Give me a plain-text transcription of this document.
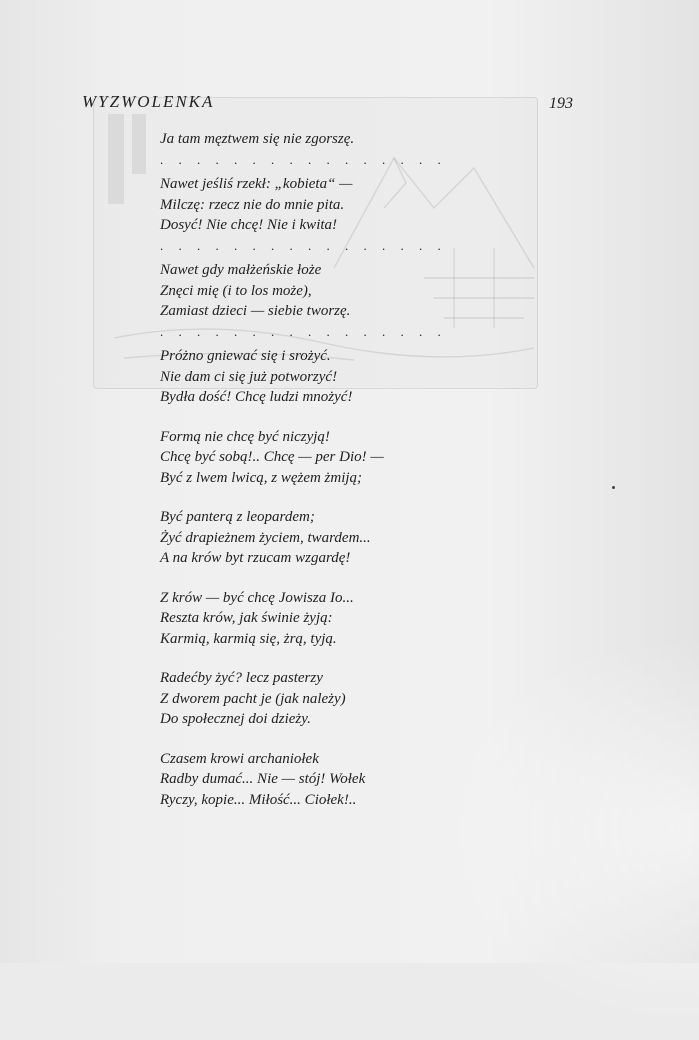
WYZWOLENKA	193
Ja tam męztwem się nie zgorszę.
. . . . . . . . . . . . . . . .
Nawet jeśliś rzekł: „kobieta“ —
Milczę: rzecz nie do mnie pita.
Dosyć! Nie chcę! Nie i kwita!
. . . . . . . . . . . . . . . .
Nawet gdy małżeńskie łoże
Znęci mię (i to los może),
Zamiast dzieci — siebie tworzę.
. . . . . . . . . . . . . . . .
Próżno gniewać się i srożyć.
Nie dam ci się już potworzyć!
Bydła dość! Chcę ludzi mnożyć!
Formą nie chcę być niczyją!
Chcę być sobą!.. Chcę — per Dio! —
Być z lwem lwicą, z wężem żmiją;
Być panterą z leopardem;
Żyć drapieżnem życiem, twardem...
A na krów byt rzucam wzgardę!
Z krów — być chcę Jowisza Io...
Reszta krów, jak świnie żyją:
Karmią, karmią się, żrą, tyją.
Radećby żyć? lecz pasterzy
Z dworem pacht je (jak należy)
Do społecznej doi dzieży.
Czasem krowi archaniołek
Radby dumać... Nie — stój! Wołek
Ryczy, kopie... Miłość... Ciołek!..
